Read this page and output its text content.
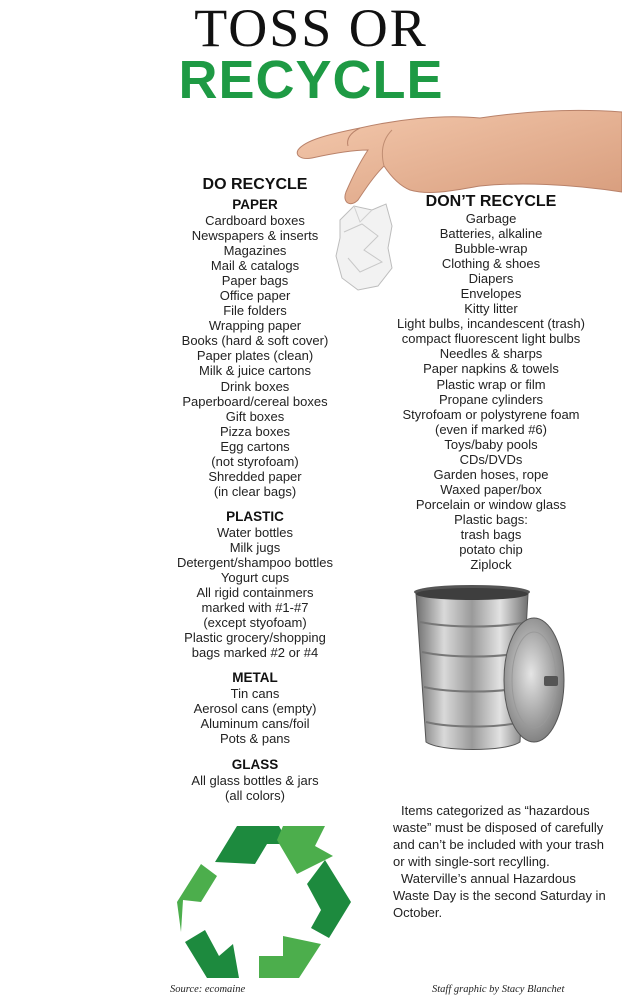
TOSS OR
RECYCLE
DO RECYCLE
PAPER
Cardboard boxes
Newspapers & inserts
Magazines
Mail & catalogs
Paper bags
Office paper
File folders
Wrapping paper
Books (hard & soft cover)
Paper plates (clean)
Milk & juice cartons
Drink boxes
Paperboard/cereal boxes
Gift boxes
Pizza boxes
Egg cartons
(not styrofoam)
Shredded paper
(in clear bags)
PLASTIC
Water bottles
Milk jugs
Detergent/shampoo bottles
Yogurt cups
All rigid containmers
marked with #1-#7
(except styofoam)
Plastic grocery/shopping
bags marked #2 or #4
METAL
Tin cans
Aerosol cans (empty)
Aluminum cans/foil
Pots & pans
GLASS
All glass bottles & jars
(all colors)
DON’T RECYCLE
Garbage
Batteries, alkaline
Bubble-wrap
Clothing & shoes
Diapers
Envelopes
Kitty litter
Light bulbs, incandescent (trash)
compact fluorescent light bulbs
Needles & sharps
Paper napkins & towels
Plastic wrap or film
Propane cylinders
Styrofoam or polystyrene foam
(even if marked #6)
Toys/baby pools
CDs/DVDs
Garden hoses, rope
Waxed paper/box
Porcelain or window glass
Plastic bags:
trash bags
potato chip
Ziplock

Items categorized as “hazardous waste” must be disposed of carefully and can’t be included with your trash or with single-sort recylling.

Waterville’s annual Hazardous Waste Day is the second Saturday in October.

Source: ecomaine	Staff graphic by Stacy Blanchet
